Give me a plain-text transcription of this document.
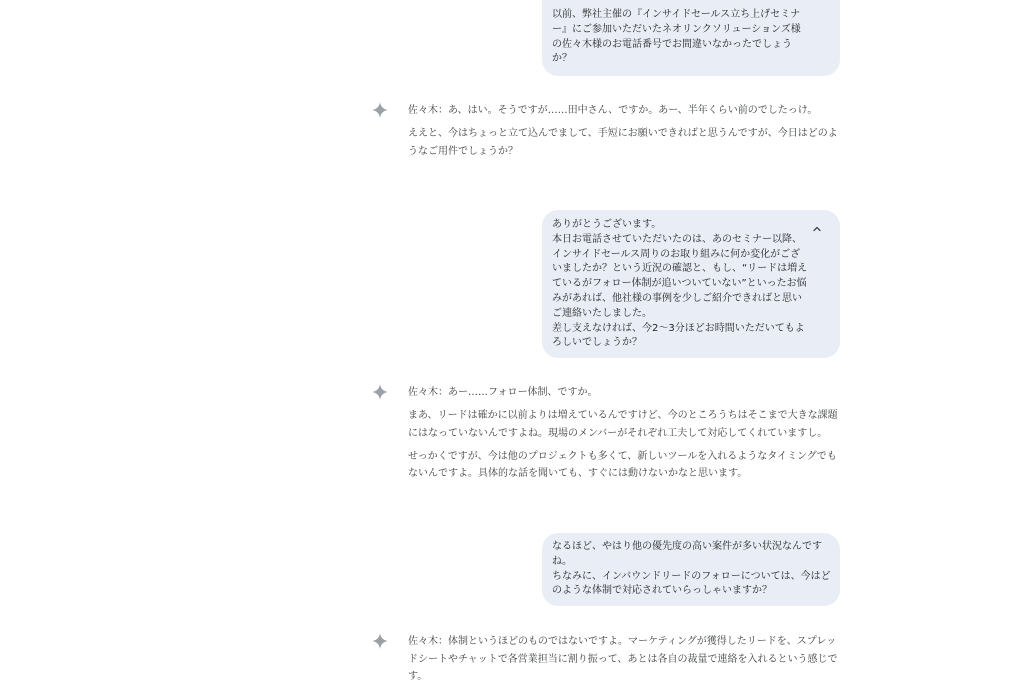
以前、弊社主催の『インサイドセールス立ち上げセミナ
ー』にご参加いただいたネオリンクソリューションズ様
の佐々木様のお電話番号でお間違いなかったでしょう
か？

佐々木：あ、はい。そうですが……田中さん、ですか。あー、半年くらい前のでしたっけ。

ええと、今はちょっと立て込んでまして、手短にお願いできればと思うんですが、今日はどのようなご用件でしょうか？

ありがとうございます。
本日お電話させていただいたのは、あのセミナー以降、
インサイドセールス周りのお取り組みに何か変化がござ
いましたか？という近況の確認と、もし、“リードは増え
ているがフォロー体制が追いついていない”といったお悩
みがあれば、他社様の事例を少しご紹介できればと思い
ご連絡いたしました。
差し支えなければ、今2〜3分ほどお時間いただいてもよ
ろしいでしょうか？

佐々木：あー……フォロー体制、ですか。

まあ、リードは確かに以前よりは増えているんですけど、今のところうちはそこまで大きな課題にはなっていないんですよね。現場のメンバーがそれぞれ工夫して対応してくれていますし。

せっかくですが、今は他のプロジェクトも多くて、新しいツールを入れるようなタイミングでもないんですよ。具体的な話を聞いても、すぐには動けないかなと思います。

なるほど、やはり他の優先度の高い案件が多い状況なんです
ね。
ちなみに、インバウンドリードのフォローについては、今はど
のような体制で対応されていらっしゃいますか？

佐々木：体制というほどのものではないですよ。マーケティングが獲得したリードを、スプレッドシートやチャットで各営業担当に割り振って、あとは各自の裁量で連絡を入れるという感じです。
